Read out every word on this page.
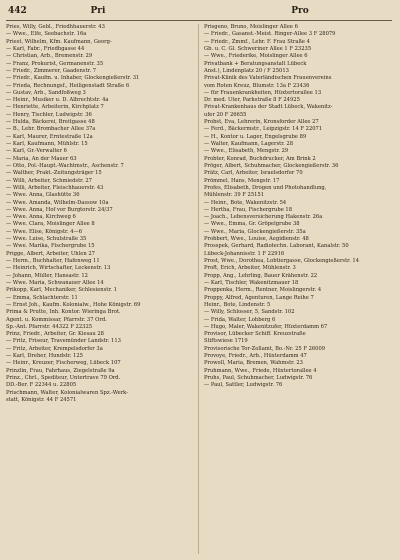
442	Pri	Pro
Pries, Willy, Gebl., Friedhhauerstr. 43
— Wwe., Elfe, Seebachstr. 16a
Priest, Wilhelm, Kfm. Kaufmann, Georg-
— Karl, Fabr., Friedhgasse 44
— Christian, Arb., Bremenstr. 29
— Franz, Prokurist, Germanenstr. 35
— Friedr., Zimmerer, Gaadenstr. 7
— Friedr., Kaufm. u. Inhaber, Glockengießerstr. 31
— Frieda, Rechnungsf., Heiligenstadt Straße 6
— Gustav, Arb., Sandfoßweg 3
— Heinr., Musiker u. D. Albrechtstr. 4a
— Henriette, Arbeiterin, Kirchplatz 7
— Henry, Tischler, Ludwigstr. 36
— Hulda, Bäckerei, Breitgasse 48
— B., Lehr. Brombacher Allee 37a
— Karl, Maurer, Erntestraße 12a
— Karl, Kaufmann, Mühlstr. 15
— Karl, Gr.-Verwalter 6
— Maria, An der Mauer 63
— Otto, Pol.-Haupt.-Wachtmstr., Aschenstr. 7
— Walther, Prakt.-Zeitungsträger 15
— Willi, Arbeiter, Schmiedstr. 27
— Willi, Arbeiter, Fleischhauerstr. 43
— Wwe. Anna, Glashütte 36
— Wwe. Amanda, Wilhelm-Dassow 10a
— Wwe. Anna, Hof vor Burgtorstr. 24/37
— Wwe. Anna, Kirchweg 6
— Wwe. Clara, Moislinger Allee 8
— Wwe. Elise, Königstr. 4—6
— Wwe. Luise, Schulstraße 35
— Wwe. Marika, Fischergrube 15
Prigge, Albert, Arbeiter, Uhlen 27
— Herm., Buchhalter, Hafenweg 11
— Heinrich, Wirtschafter, Leckenstr. 13
— Johann, Müller, Hansastr. 12
— Wwe. Maria, Schwanauer Allee 14
Prikopp, Karl, Mechaniker, Schlesienstr. 1
— Emma, Schlachterstr. 11
— Ernst Joh., Kaufm. Kolonialw., Hohe Königstr. 69
Prima & Prutte, Inh. Kontor. Wieringa Brot.
Agent. u. Kommissar, Pfarrstr. 37 Ord.
Sp.-Ant. Pfarrstr. 44322 F 22325
Prinz, Friedr., Arbeiter, Gr. Kiesau 28
— Fritz, Friseur, Travemünder Landstr. 113
— Fritz, Arbeiter, Krempelsdorfer 3a
— Karl, Dreher, Hundstr. 125
— Heinr., Kreuzer, Fischerweg, Lübeck 107
Prinzlin, Frau, Fahrhaus, Ziegelstraße 9a
Prinz., Chrl., Spediteur, Untertrave 79 Ord.
DD.-Ber. F 22344 u. 22805
Prischmann, Walter, Kolonialwaren Spz.-Werk-
statt, Königstr. 44 F 24571
Prisgeno, Bruno, Moislinger Allee 6
— Friedr., Gasanst.-Meist. Ringer-Allee 3 F 28079
— Friedr., Zmmf., Lehr. F. Frau Straße 4
Gb. u. C. Gl. Schweriner Allee 1 F 23235
— Wwe., Friederike, Moislinger Allee 6
Privatbank + Beratungsanstalt Lübeck
Anst.), Lindenplatz 20 / F 25013
Privat-Klinik des Vaterländischen Frauenvereins
vom Roten Kreuz, Blumstr. 13a F 23436
— für Frauenkrankheiten, Hüxtertorallee 13
Dr. med. Uter, Parkstraße 8 F 24925
Privat-Krankenhaus der Stadt Lübeck, Wakenitz-
ufer 20 F 26655
Probst, Eva, Lehrerin, Kronsforder Allee 27
— Ferd., Bäckermstr., Leipzigstr. 14 F 22071
— H., Kontor u. Lager, Engelsgrube 89
— Walter, Kaufmann, Lagerstr. 28
— Wwe., Elisabeth, Mengstr. 29
Probter, Konrad, Buchdrucker, Am Brink 2
Pröger, Albert, Schuhmacher, Glockengießerstr. 36
Prätz, Carl, Arbeiter, Israelsdorfer 70
Prömmel, Hans, Mengstr. 17
Profes, Elisabeth, Drogen und Photohandlung,
Mühlenstr. 39 F 25151
— Heinr., Bote, Wakenitzstr. 54
— Hertha, Frau, Fischergrube 18
— Joach., Lebensversicherung Hakenstr. 26a
— Wwe., Emma, Gr. Gröpelgrube 38
— Wwe., Maria, Glockengießerstr. 35a
Probbert, Wwe., Louise, Aegidienstr. 48
Prosspek, Gerhard, Radiotechn. Laborant, Kanalstr. 50
Lübeck-Johannisstr. 1 F 22916
Prost, Wwe., Dorothea, Lobtiergasse, Glockengießerstr. 14
Proft, Erich, Arbeiter, Mühlenstr. 3
Propp, Ang., Lehrling, Bauer Krähenstr. 22
— Karl, Tischler, Wakenitzmauer 18
Proppenka, Herm., Rentner, Moislingerstr. 4
Proppy, Alfred, Agenturen, Lange Reihe 7
Heinr., Bote, Lindenstr. 5
— Willy, Schlosser, 5, Sandstr. 102
— Frida, Walter, Lohberg 6
— Hugo, Maler, Wakenitzufer, Hüxterdamm 67
Provisor, Lübecker Schiff. Kreuzstraße
Stiftswiese 1719
Provisorische Tor-Zollamt, Bo.-Nr. 25 F 26009
Provoye, Friedr., Arb., Hüxterdamm 47
Prowoll, Maria, Bremen, Wahmstr. 23
Pruhmann, Wwe., Friede, Hüxtertorallee 4
Pruhs, Paul, Schuhmacher, Ludwigstr. 76
— Paul, Sattler, Ludwigstr. 76
